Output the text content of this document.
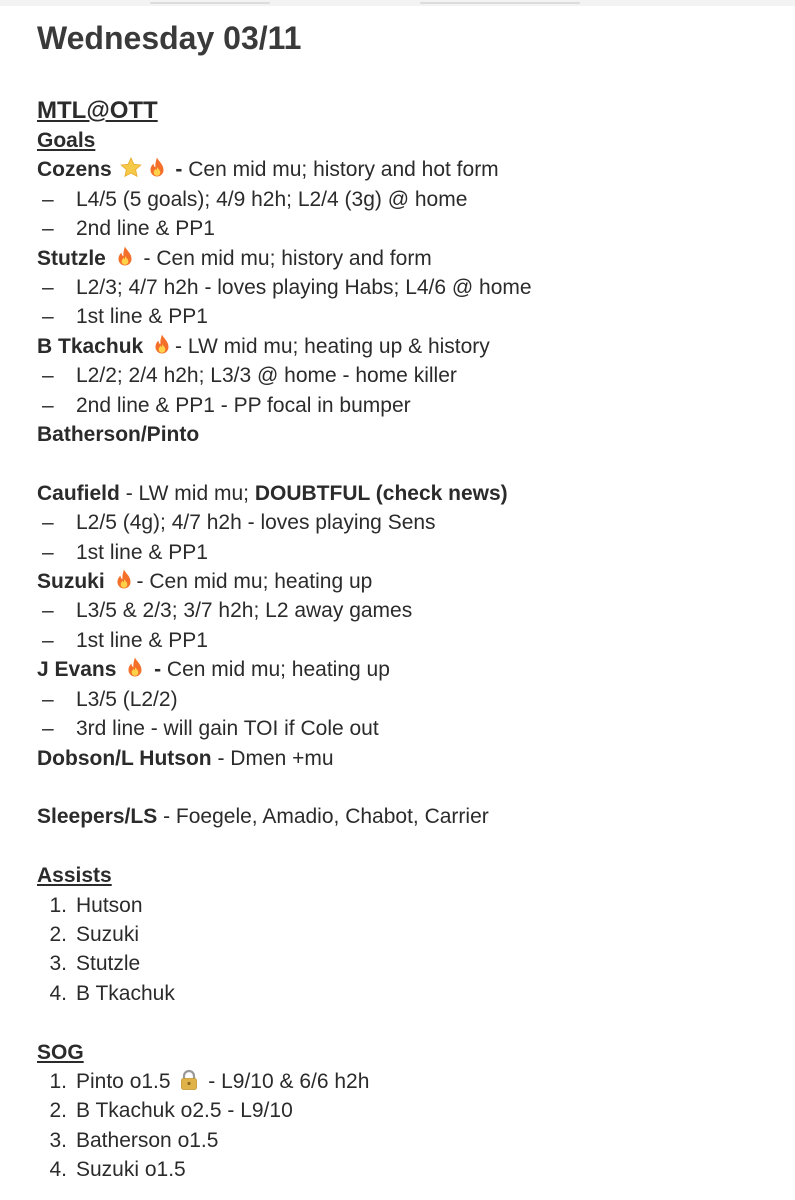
Wednesday 03/11
MTL@OTT
Goals
Cozens	- Cen mid mu; history and hot form
– L4/5 (5 goals); 4/9 h2h; L2/4 (3g) @ home
– 2nd line & PP1
Stutzle - Cen mid mu; history and form
– L2/3; 4/7 h2h - loves playing Habs; L4/6 @ home
– 1st line & PP1
B Tkachuk - LW mid mu; heating up & history
– L2/2; 2/4 h2h; L3/3 @ home - home killer
– 2nd line & PP1 - PP focal in bumper
Batherson/Pinto
Caufield - LW mid mu; DOUBTFUL (check news)
– L2/5 (4g); 4/7 h2h - loves playing Sens
– 1st line & PP1
Suzuki - Cen mid mu; heating up
– L3/5 & 2/3; 3/7 h2h; L2 away games
– 1st line & PP1
J Evans - Cen mid mu; heating up
– L3/5 (L2/2)
– 3rd line - will gain TOI if Cole out
Dobson/L Hutson - Dmen +mu
Sleepers/LS - Foegele, Amadio, Chabot, Carrier
Assists
1. Hutson
2. Suzuki
3. Stutzle
4. B Tkachuk
SOG
1. Pinto o1.5 - L9/10 & 6/6 h2h
2. B Tkachuk o2.5 - L9/10
3. Batherson o1.5
4. Suzuki o1.5
